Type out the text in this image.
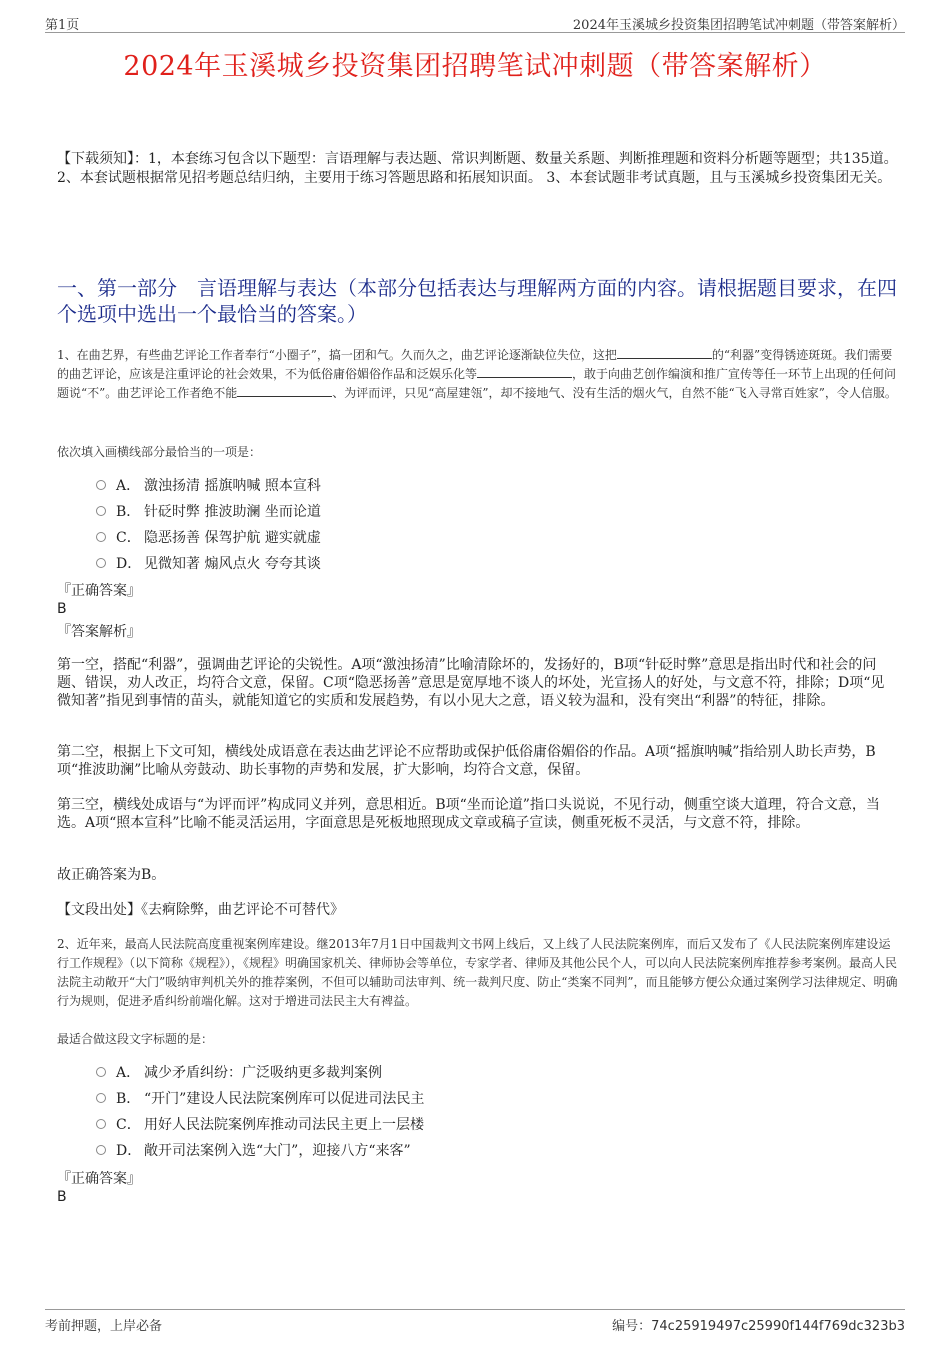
第1页	2024年玉溪城乡投资集团招聘笔试冲刺题（带答案解析）
2024年玉溪城乡投资集团招聘笔试冲刺题（带答案解析）
【下载须知】：1，本套练习包含以下题型：言语理解与表达题、常识判断题、数量关系题、判断推理题和资料分析题等题型；共135道。 2、本套试题根据常见招考题总结归纳，主要用于练习答题思路和拓展知识面。 3、本套试题非考试真题，且与玉溪城乡投资集团无关。
一、第一部分　言语理解与表达（本部分包括表达与理解两方面的内容。请根据题目要求，在四个选项中选出一个最恰当的答案。）
1、在曲艺界，有些曲艺评论工作者奉行“小圈子”，搞一团和气。久而久之，曲艺评论逐渐缺位失位，这把	的“利器”变得锈迹斑斑。我们需要的曲艺评论，应该是注重评论的社会效果，不为低俗庸俗媚俗作品和泛娱乐化等	，敢于向曲艺创作编演和推广宣传等任一环节上出现的任何问题说“不”。曲艺评论工作者绝不能	、为评而评，只见“高屋建瓴”，却不接地气、没有生活的烟火气，自然不能“飞入寻常百姓家”，令人信服。
依次填入画横线部分最恰当的一项是：
A． 激浊扬清 摇旗呐喊 照本宣科
B． 针砭时弊 推波助澜 坐而论道
C． 隐恶扬善 保驾护航 避实就虚
D． 见微知著 煽风点火 夸夸其谈
『正确答案』
B
『答案解析』
第一空，搭配“利器”，强调曲艺评论的尖锐性。A项“激浊扬清”比喻清除坏的，发扬好的，B项“针砭时弊”意思是指出时代和社会的问题、错误，劝人改正，均符合文意，保留。C项“隐恶扬善”意思是宽厚地不谈人的坏处，光宣扬人的好处，与文意不符，排除；D项“见微知著”指见到事情的苗头，就能知道它的实质和发展趋势，有以小见大之意，语义较为温和，没有突出“利器”的特征，排除。
第二空，根据上下文可知，横线处成语意在表达曲艺评论不应帮助或保护低俗庸俗媚俗的作品。A项“摇旗呐喊”指给别人助长声势，B项“推波助澜”比喻从旁鼓动、助长事物的声势和发展，扩大影响，均符合文意，保留。
第三空，横线处成语与“为评而评”构成同义并列，意思相近。B项“坐而论道”指口头说说，不见行动，侧重空谈大道理，符合文意，当选。A项“照本宣科”比喻不能灵活运用，字面意思是死板地照现成文章或稿子宣读，侧重死板不灵活，与文意不符，排除。
故正确答案为B。
【文段出处】《去痾除弊，曲艺评论不可替代》
2、近年来，最高人民法院高度重视案例库建设。继2013年7月1日中国裁判文书网上线后，又上线了人民法院案例库，而后又发布了《人民法院案例库建设运行工作规程》（以下简称《规程》），《规程》明确国家机关、律师协会等单位，专家学者、律师及其他公民个人，可以向人民法院案例库推荐参考案例。最高人民法院主动敞开“大门”吸纳审判机关外的推荐案例，不但可以辅助司法审判、统一裁判尺度、防止“类案不同判”，而且能够方便公众通过案例学习法律规定、明确行为规则，促进矛盾纠纷前端化解。这对于增进司法民主大有裨益。
最适合做这段文字标题的是：
A． 减少矛盾纠纷：广泛吸纳更多裁判案例
B． “开门”建设人民法院案例库可以促进司法民主
C． 用好人民法院案例库推动司法民主更上一层楼
D． 敞开司法案例入选“大门”，迎接八方“来客”
『正确答案』
B
考前押题，上岸必备	编号：74c25919497c25990f144f769dc323b3
